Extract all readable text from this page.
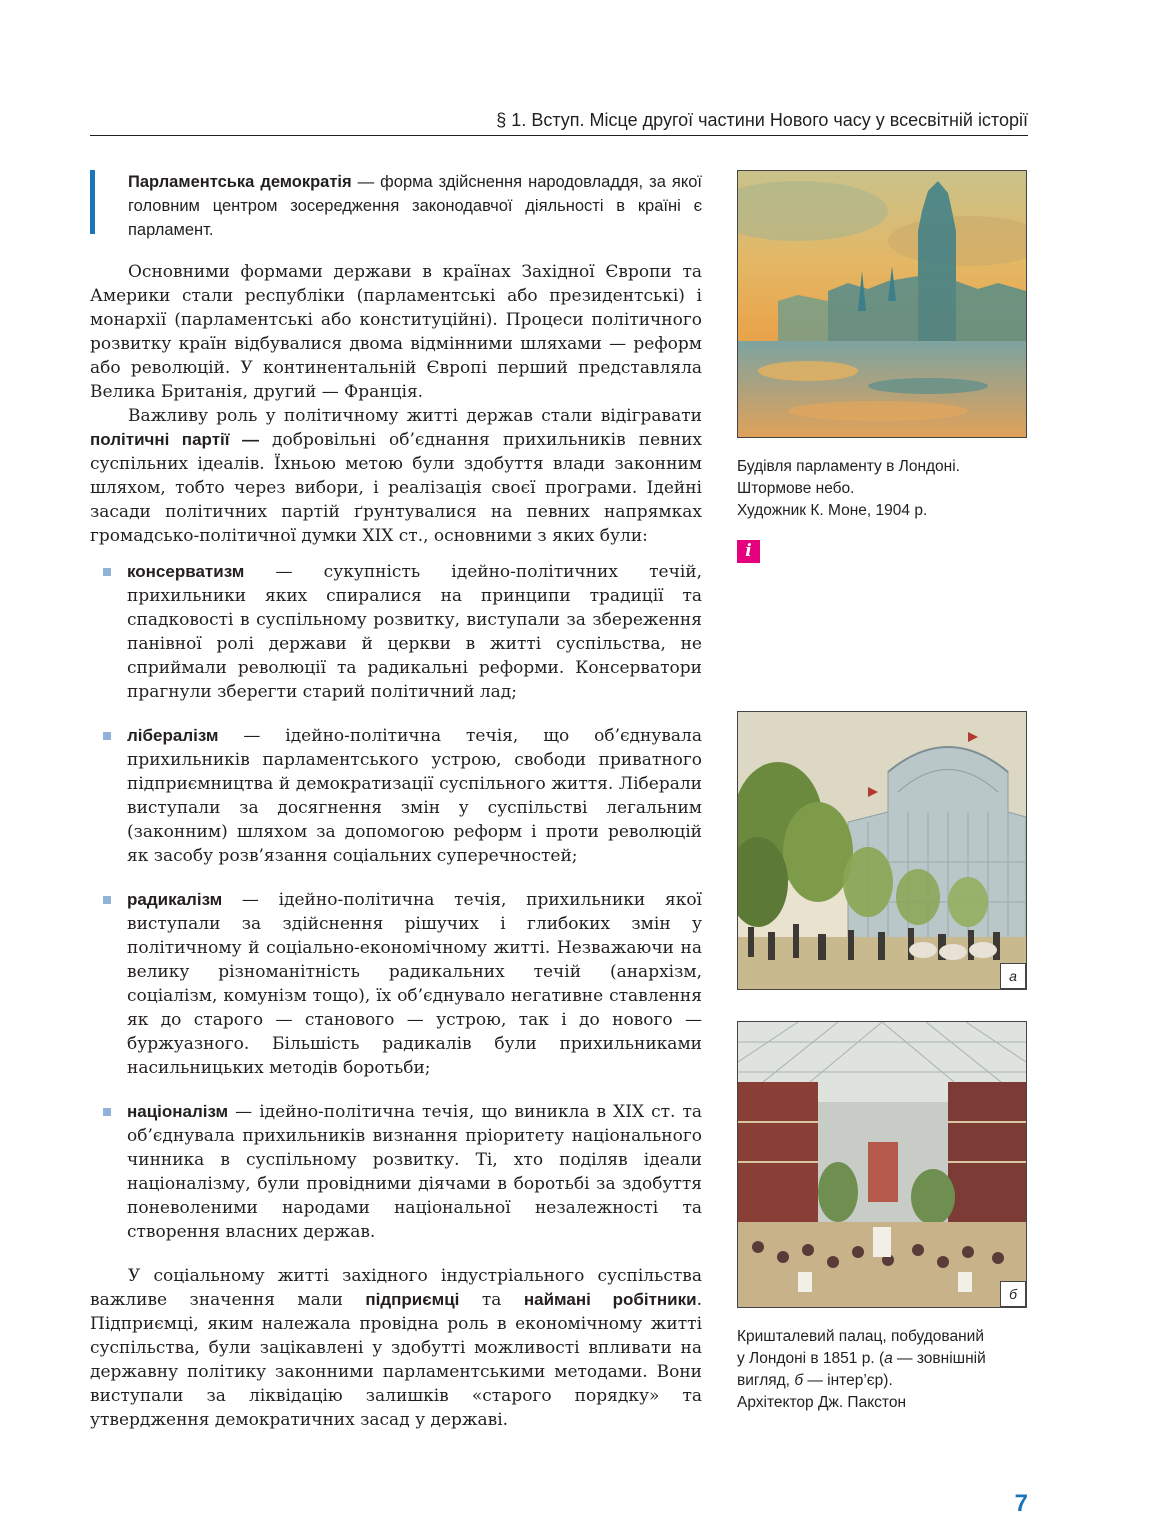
§ 1. Вступ. Місце другої частини Нового часу у всесвітній історії
Парламентська демократія — форма здійснення народовладдя, за якої головним центром зосередження законодавчої діяльності в країні є парламент.

Основними формами держави в країнах Західної Європи та Америки стали республіки (парламентські або президентські) і монархії (парламентські або конституційні). Процеси політичного розвитку країн відбувалися двома відмінними шляхами — реформ або революцій. У континентальній Європі перший представляла Велика Британія, другий — Франція.

Важливу роль у політичному житті держав стали відігравати політичні партії — добровільні об’єднання прихильників певних суспільних ідеалів. Їхньою метою були здобуття влади законним шляхом, тобто через вибори, і реалізація своєї програми. Ідейні засади політичних партій ґрунтувалися на певних напрямках громадсько-політичної думки XIX ст., основними з яких були:

консерватизм — сукупність ідейно-політичних течій, прихильники яких спиралися на принципи традиції та спадковості в суспільному розвитку, виступали за збереження панівної ролі держави й церкви в житті суспільства, не сприймали революції та радикальні реформи. Консерватори прагнули зберегти старий політичний лад;
лібералізм — ідейно-політична течія, що об’єднувала прихильників парламентського устрою, свободи приватного підприємництва й демократизації суспільного життя. Ліберали виступали за досягнення змін у суспільстві легальним (законним) шляхом за допомогою реформ і проти революцій як засобу розв’язання соціальних суперечностей;
радикалізм — ідейно-політична течія, прихильники якої виступали за здійснення рішучих і глибоких змін у політичному й соціально-економічному житті. Незважаючи на велику різноманітність радикальних течій (анархізм, соціалізм, комунізм тощо), їх об’єднувало негативне ставлення як до старого — станового — устрою, так і до нового — буржуазного. Більшість радикалів були прихильниками насильницьких методів боротьби;
націоналізм — ідейно-політична течія, що виникла в XIX ст. та об’єднувала прихильників визнання пріоритету національного чинника в суспільному розвитку. Ті, хто поділяв ідеали націоналізму, були провідними діячами в боротьбі за здобуття поневоленими народами національної незалежності та створення власних держав.

У соціальному житті західного індустріального суспільства важливе значення мали підприємці та наймані робітники. Підприємці, яким належала провідна роль в економічному житті суспільства, були зацікавлені у здобутті можливості впливати на державну політику законними парламентськими методами. Вони виступали за ліквідацію залишків «старого порядку» та утвердження демократичних засад у державі.

Будівля парламенту в Лондоні.
Штормове небо.
Художник К. Моне, 1904 р.
i
а
б
Кришталевий палац, побудований
у Лондоні в 1851 р. (а — зовнішній
вигляд, б — інтер’єр).
Архітектор Дж. Пакстон
7
